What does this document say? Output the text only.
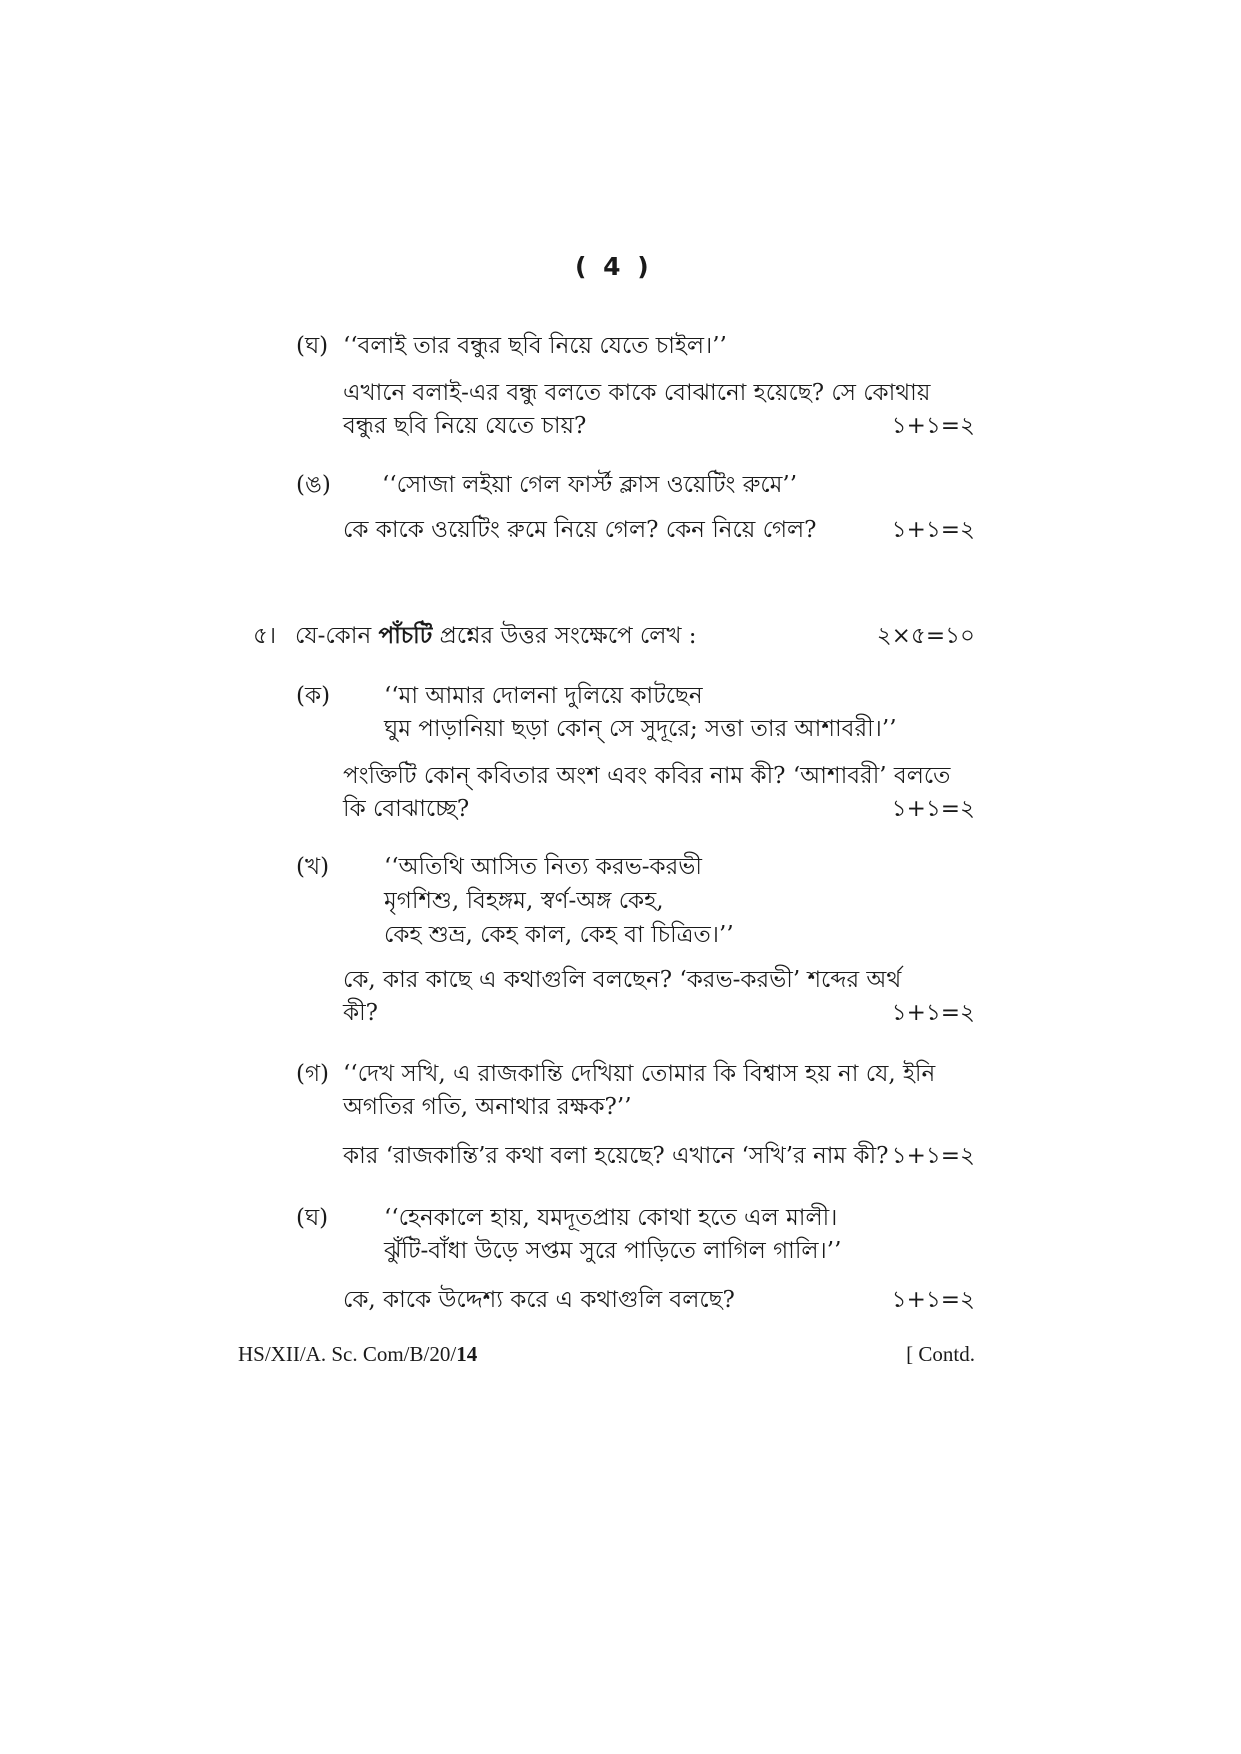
( 4 )
(ঘ) ‘‘বলাই তার বন্ধুর ছবি নিয়ে যেতে চাইল।’’
এখানে বলাই-এর বন্ধু বলতে কাকে বোঝানো হয়েছে? সে কোথায়
বন্ধুর ছবি নিয়ে যেতে চায়?	১+১=২
(ঙ) ‘‘সোজা লইয়া গেল ফার্স্ট ক্লাস ওয়েটিং রুমে’’
কে কাকে ওয়েটিং রুমে নিয়ে গেল? কেন নিয়ে গেল?	১+১=২
৫। যে-কোন পাঁচটি প্রশ্নের উত্তর সংক্ষেপে লেখ :	২×৫=১০
(ক) ‘‘মা আমার দোলনা দুলিয়ে কাটছেন
ঘুম পাড়ানিয়া ছড়া কোন্ সে সুদূরে; সত্তা তার আশাবরী।’’
পংক্তিটি কোন্ কবিতার অংশ এবং কবির নাম কী? ‘আশাবরী’ বলতে
কি বোঝাচ্ছে?	১+১=২
(খ) ‘‘অতিথি আসিত নিত্য করভ-করভী
মৃগশিশু, বিহঙ্গম, স্বর্ণ-অঙ্গ কেহ,
কেহ শুভ্র, কেহ কাল, কেহ বা চিত্রিত।’’
কে, কার কাছে এ কথাগুলি বলছেন? ‘করভ-করভী’ শব্দের অর্থ
কী?	১+১=২
(গ) ‘‘দেখ সখি, এ রাজকান্তি দেখিয়া তোমার কি বিশ্বাস হয় না যে, ইনি
অগতির গতি, অনাথার রক্ষক?’’
কার ‘রাজকান্তি’র কথা বলা হয়েছে? এখানে ‘সখি’র নাম কী? ১+১=২
(ঘ) ‘‘হেনকালে হায়, যমদূতপ্রায় কোথা হতে এল মালী।
ঝুঁটি-বাঁধা উড়ে সপ্তম সুরে পাড়িতে লাগিল গালি।’’
কে, কাকে উদ্দেশ্য করে এ কথাগুলি বলছে?	১+১=২
HS/XII/A. Sc. Com/B/20/14	[ Contd.
